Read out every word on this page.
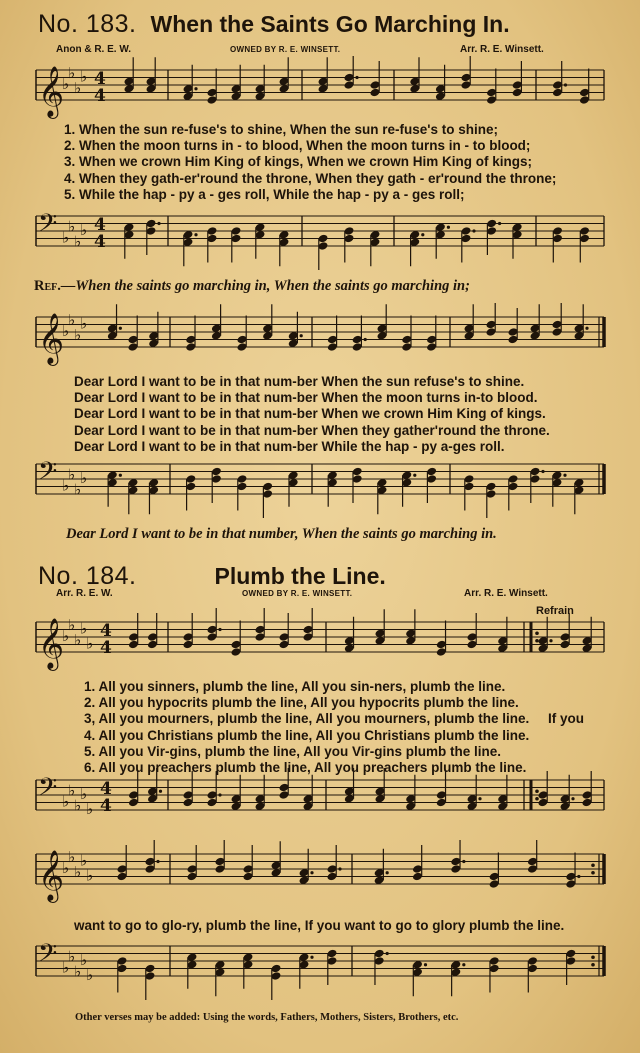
No. 183. When the Saints Go Marching In.
Anon & R. E. W.	OWNED BY R. E. WINSETT.	Arr. R. E. Winsett.
𝄞
♭
♭
♭
♭ 4
4
1. When the sun re-fuse's to shine, When the sun re-fuse's to shine;
2. When the moon turns in - to blood, When the moon turns in - to blood;
3. When we crown Him King of kings, When we crown Him King of kings;
4. When they gath-er'round the throne, When they gath - er'round the throne;
5. While the hap - py a - ges roll, While the hap - py a - ges roll;
𝄢 ♭
♭
♭
♭ 4
4
Ref.—When the saints go marching in, When the saints go marching in;
𝄞
♭
♭
♭
♭
Dear Lord I want to be in that num-ber When the sun refuse's to shine.
Dear Lord I want to be in that num-ber When the moon turns in-to blood.
Dear Lord I want to be in that num-ber When we crown Him King of kings.
Dear Lord I want to be in that num-ber When they gather'round the throne.
Dear Lord I want to be in that num-ber While the hap - py a-ges roll.
𝄢 ♭
♭
♭
♭
Dear Lord I want to be in that number, When the saints go marching in.
No. 184.	Plumb the Line.
Arr. R. E. W.	OWNED BY R. E. WINSETT.	Arr. R. E. Winsett.
Refrain
𝄞
♭
♭
♭
♭
♭
4
4
1. All you sinners, plumb the line, All you sin-ners, plumb the line.
2. All you hypocrits plumb the line, All you hypocrits plumb the line.
3, All you mourners, plumb the line, All you mourners, plumb the line.
4. All you Christians plumb the line, All you Christians plumb the line.
5. All you Vir-gins, plumb the line, All you Vir-gins plumb the line.
6. All you preachers plumb the line, All you preachers plumb the line.
If you
𝄢 ♭
♭
♭
♭
♭
4
4
𝄞
♭
♭
♭
♭
♭
want to go to glo-ry, plumb the line, If you want to go to glory plumb the line.
𝄢 ♭
♭
♭
♭
♭
Other verses may be added: Using the words, Fathers, Mothers, Sisters, Brothers, etc.
